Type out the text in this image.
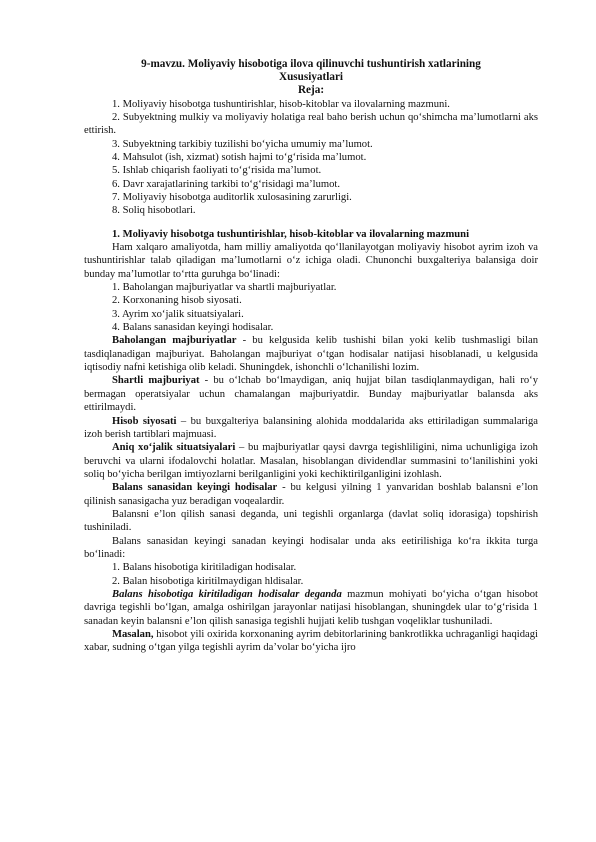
9-mavzu. Moliyaviy hisobotiga ilova qilinuvchi tushuntirish xatlarining
Xususiyatlari
Reja:

1. Moliyaviy hisobotga tushuntirishlar, hisob-kitoblar va ilovalarning mazmuni.

2. Subyektning mulkiy va moliyaviy holatiga real baho berish uchun qo‘shimcha ma’lumotlarni aks ettirish.

3. Subyektning tarkibiy tuzilishi bo‘yicha umumiy ma’lumot.

4. Mahsulot (ish, xizmat) sotish hajmi to‘g‘risida ma’lumot.

5. Ishlab chiqarish faoliyati to‘g‘risida ma’lumot.

6. Davr xarajatlarining tarkibi to‘g‘risidagi ma’lumot.

7. Moliyaviy hisobotga auditorlik xulosasining zarurligi.

8. Soliq hisobotlari.

1. Moliyaviy hisobotga tushuntirishlar, hisob-kitoblar va ilovalarning mazmuni

Ham xalqaro amaliyotda, ham milliy amaliyotda qo‘llanilayotgan moliyaviy hisobot ayrim izoh va tushuntirishlar talab qiladigan ma’lumotlarni o‘z ichiga oladi. Chunonchi buxgalteriya balansiga doir bunday ma’lumotlar to‘rtta guruhga bo‘linadi:

1. Baholangan majburiyatlar va shartli majburiyatlar.

2. Korxonaning hisob siyosati.

3. Ayrim xo‘jalik situatsiyalari.

4. Balans sanasidan keyingi hodisalar.

Baholangan majburiyatlar - bu kelgusida kelib tushishi bilan yoki kelib tushmasligi bilan tasdiqlanadigan majburiyat. Baholangan majburiyat o‘tgan hodisalar natijasi hisoblanadi, u kelgusida iqtisodiy nafni ketishiga olib keladi. Shuningdek, ishonchli o‘lchanilishi lozim.

Shartli majburiyat - bu o‘lchab bo‘lmaydigan, aniq hujjat bilan tasdiqlanmaydigan, hali ro‘y bermagan operatsiyalar uchun chamalangan majburiyatdir. Bunday majburiyatlar balansda aks ettirilmaydi.

Hisob siyosati – bu buxgalteriya balansining alohida moddalarida aks ettiriladigan summalariga izoh berish tartiblari majmuasi.

Aniq xo‘jalik situatsiyalari – bu majburiyatlar qaysi davrga tegishliligini, nima uchunligiga izoh beruvchi va ularni ifodalovchi holatlar. Masalan, hisoblangan dividendlar summasini to‘lanilishini yoki soliq bo‘yicha berilgan imtiyozlarni berilganligini yoki kechiktirilganligini izohlash.

Balans sanasidan keyingi hodisalar - bu kelgusi yilning 1 yanvaridan boshlab balansni e’lon qilinish sanasigacha yuz beradigan voqealardir.

Balansni e’lon qilish sanasi deganda, uni tegishli organlarga (davlat soliq idorasiga) topshirish tushiniladi.

Balans sanasidan keyingi sanadan keyingi hodisalar unda aks eetirilishiga ko‘ra ikkita turga bo‘linadi:

1. Balans hisobotiga kiritiladigan hodisalar.

2. Balan hisobotiga kiritilmaydigan hldisalar.

Balans hisobotiga kiritiladigan hodisalar deganda mazmun mohiyati bo‘yicha o‘tgan hisobot davriga tegishli bo‘lgan, amalga oshirilgan jarayonlar natijasi hisoblangan, shuningdek ular to‘g‘risida 1 sanadan keyin balansni e’lon qilish sanasiga tegishli hujjati kelib tushgan voqeliklar tushuniladi.

Masalan, hisobot yili oxirida korxonaning ayrim debitorlarining bankrotlikka uchraganligi haqidagi xabar, sudning o‘tgan yilga tegishli ayrim da’volar bo‘yicha ijro
